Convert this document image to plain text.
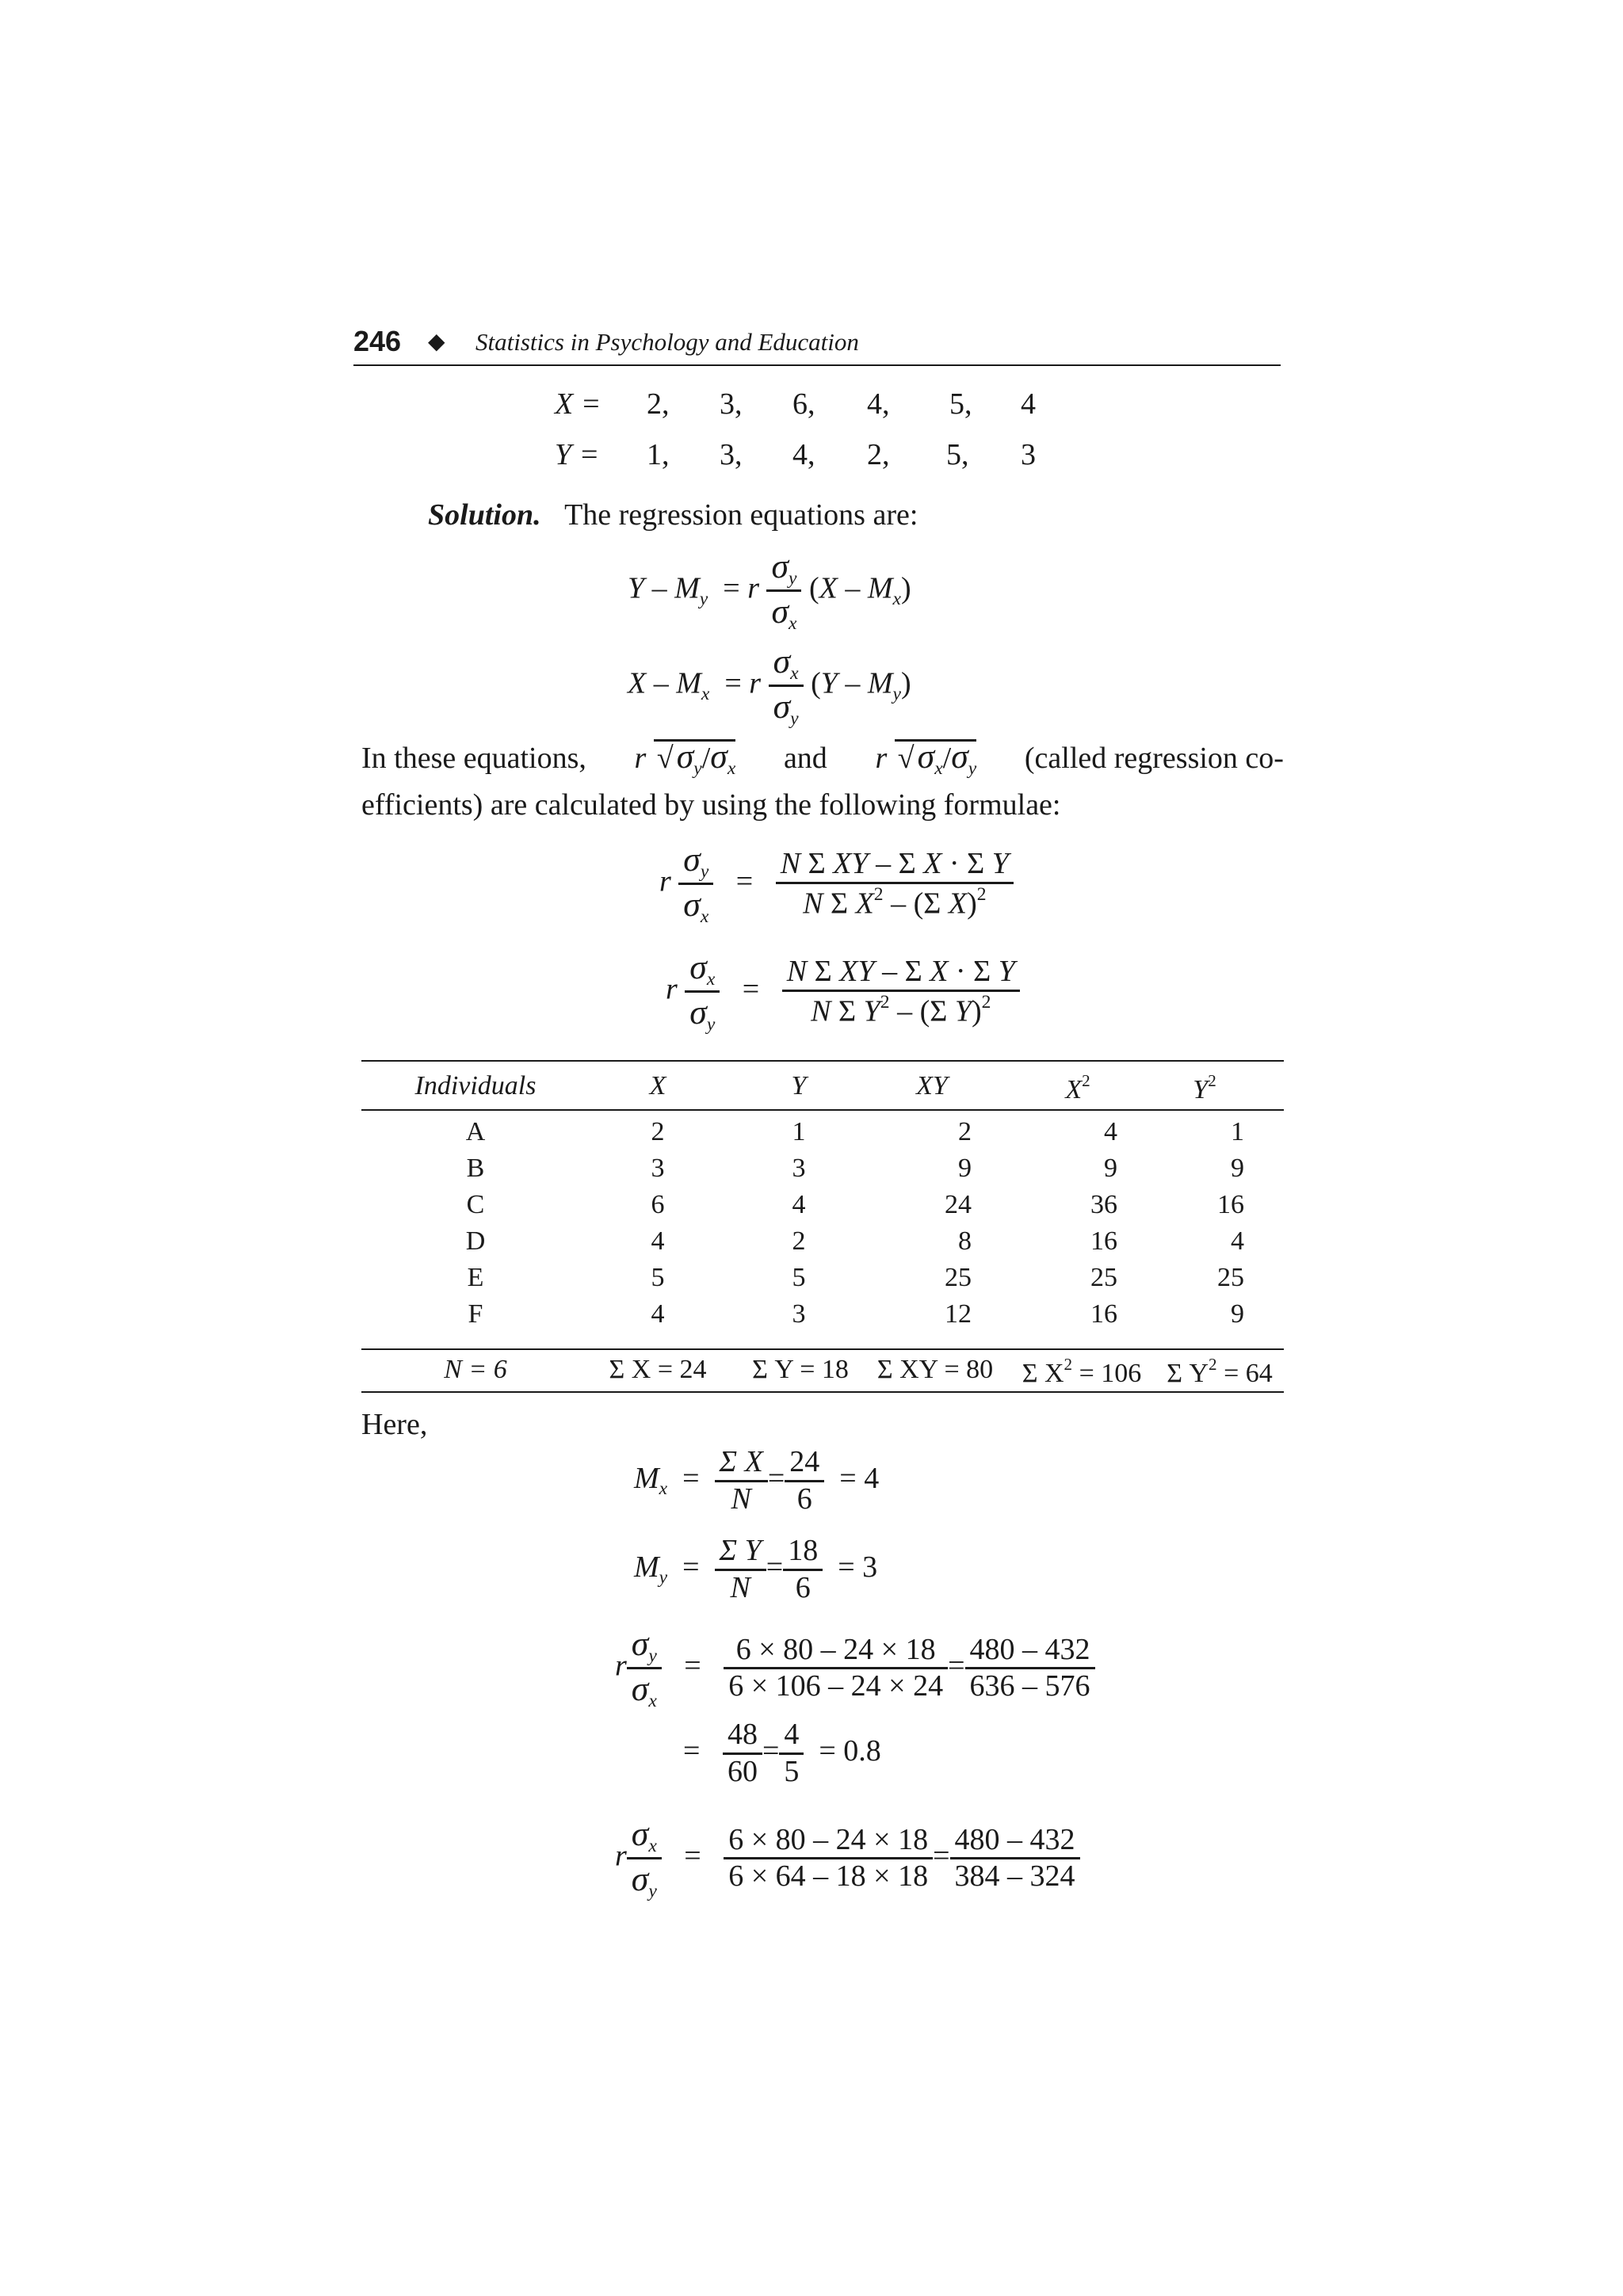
246 ◆ Statistics in Psychology and Education
X = 2, 3, 6, 4, 5, 4
Y = 1, 3, 4, 2, 5, 3
Solution. The regression equations are:
$Y - M_y = r \frac{\sigma_y}{\sigma_x} (X - M_x)$
$X - M_x = r \frac{\sigma_x}{\sigma_y} (Y - M_y)$
In these equations, r $√\sigma_y/\sigma_x$ and r $√\sigma_x/\sigma_y$ (called regression co-
efficients) are calculated by using the following formulae:
r $\frac{\sigma_y}{\sigma_x} = \frac{\text{N Σ XY – Σ X · Σ Y}}{N \Sigma X^2 - (\Sigma X)^2}$
r $\frac{\sigma_x}{\sigma_y} = \frac{\text{N Σ XY – Σ X · Σ Y}}{N \Sigma Y^2 - (\Sigma Y)^2}$
Individuals	X	Y	XY	$X^2$	$Y^2$
A	2	1	2	4	1
B	3	3	9	9	9
C	6	4	24	36	16
D	4	2	8	16	4
E	5	5	25	25	25
F	4	3	12	16	9
N = 6	Σ X = 24	Σ Y = 18	Σ XY = 80	Σ $X^2 = 106$ Σ $Y^2 = 64$
Here,
$M_x = \frac{\text{Σ X}}{N} = \frac{24}{6} = 4$
$M_y = \frac{\text{Σ Y}}{N} = \frac{18}{6} = 3$
r $\frac{\sigma_y}{\sigma_x} = \frac{6 \times 80 - 24 \times 18}{6 \times 106 - 24 \times 24} = \frac{480 - 432}{636 - 576}$
= $\frac{48}{60} = \frac{4}{5} = 0.8$
r $\frac{\sigma_x}{\sigma_y} = \frac{6 \times 80 - 24 \times 18}{6 \times 64 - 18 \times 18} = \frac{480 - 432}{384 - 324}$
